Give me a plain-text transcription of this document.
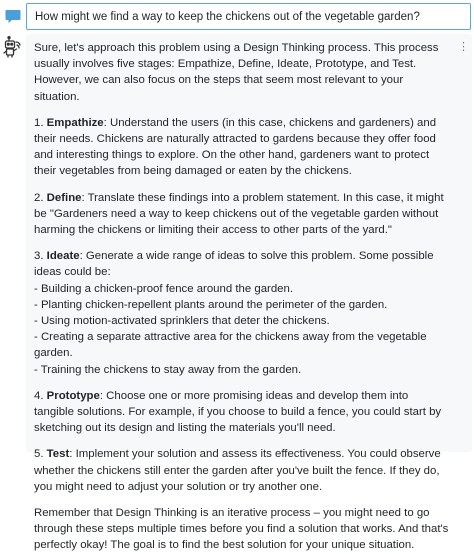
How might we find a way to keep the chickens out of the vegetable garden?
⋮

Sure, let's approach this problem using a Design Thinking process. This process usually involves five stages: Empathize, Define, Ideate, Prototype, and Test. However, we can also focus on the steps that seem most relevant to your situation.

1. Empathize: Understand the users (in this case, chickens and gardeners) and their needs. Chickens are naturally attracted to gardens because they offer food and interesting things to explore. On the other hand, gardeners want to protect their vegetables from being damaged or eaten by the chickens.

2. Define: Translate these findings into a problem statement. In this case, it might be "Gardeners need a way to keep chickens out of the vegetable garden without harming the chickens or limiting their access to other parts of the yard."

3. Ideate: Generate a wide range of ideas to solve this problem. Some possible ideas could be:
- Building a chicken-proof fence around the garden.
- Planting chicken-repellent plants around the perimeter of the garden.
- Using motion-activated sprinklers that deter the chickens.
- Creating a separate attractive area for the chickens away from the vegetable garden.
- Training the chickens to stay away from the garden.

4. Prototype: Choose one or more promising ideas and develop them into tangible solutions. For example, if you choose to build a fence, you could start by sketching out its design and listing the materials you'll need.

5. Test: Implement your solution and assess its effectiveness. You could observe whether the chickens still enter the garden after you've built the fence. If they do, you might need to adjust your solution or try another one.

Remember that Design Thinking is an iterative process – you might need to go through these steps multiple times before you find a solution that works. And that's perfectly okay! The goal is to find the best solution for your unique situation.
